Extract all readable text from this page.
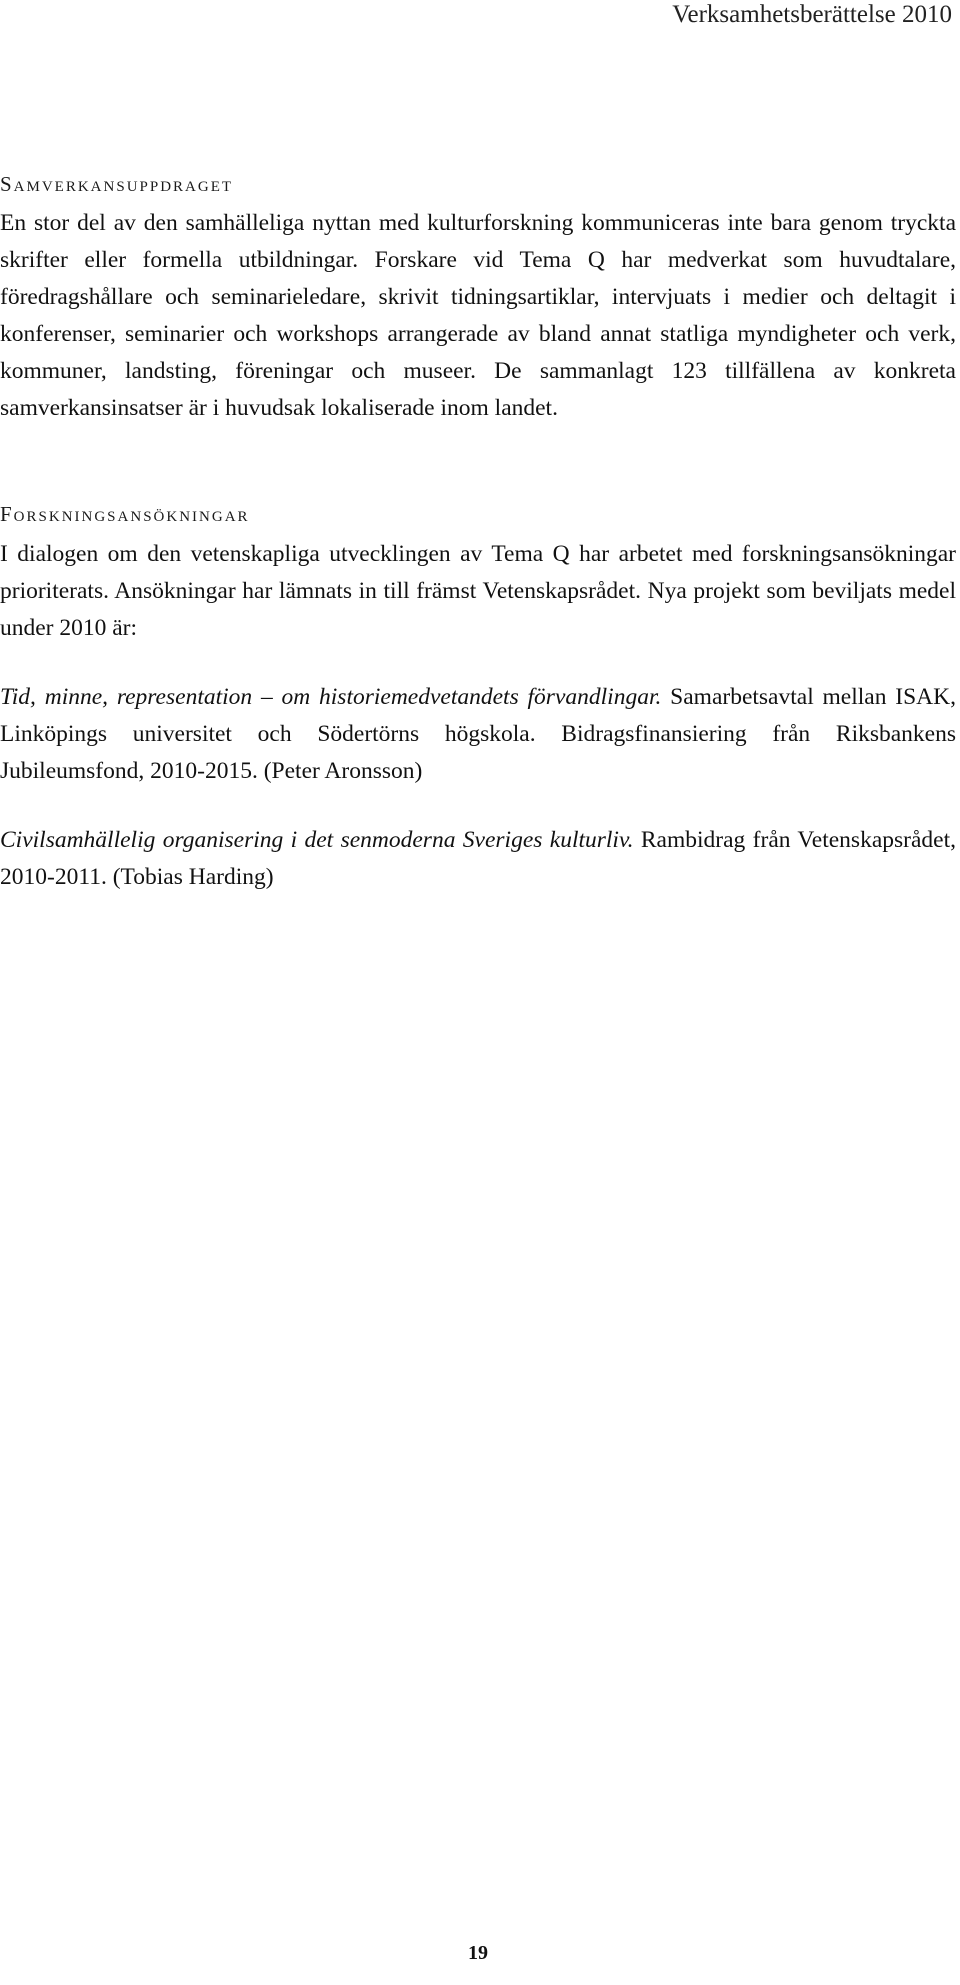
Verksamhetsberättelse 2010
Samverkansuppdraget

En stor del av den samhälleliga nyttan med kulturforskning kommuniceras inte bara genom tryckta skrifter eller formella utbildningar. Forskare vid Tema Q har medverkat som huvudtalare, föredragshållare och seminarieledare, skrivit tidningsartiklar, intervjuats i medier och deltagit i konferenser, seminarier och workshops arrangerade av bland annat statliga myndigheter och verk, kommuner, landsting, föreningar och museer. De sammanlagt 123 tillfällena av konkreta samverkansinsatser är i huvudsak lokaliserade inom landet.

Forskningsansökningar

I dialogen om den vetenskapliga utvecklingen av Tema Q har arbetet med forskningsansökningar prioriterats. Ansökningar har lämnats in till främst Vetenskapsrådet. Nya projekt som beviljats medel under 2010 är:

Tid, minne, representation – om historiemedvetandets förvandlingar. Samarbetsavtal mellan ISAK, Linköpings universitet och Södertörns högskola. Bidragsfinansiering från Riksbankens Jubileumsfond, 2010-2015. (Peter Aronsson)

Civilsamhällelig organisering i det senmoderna Sveriges kulturliv. Rambidrag från Vetenskapsrådet, 2010-2011. (Tobias Harding)

19
